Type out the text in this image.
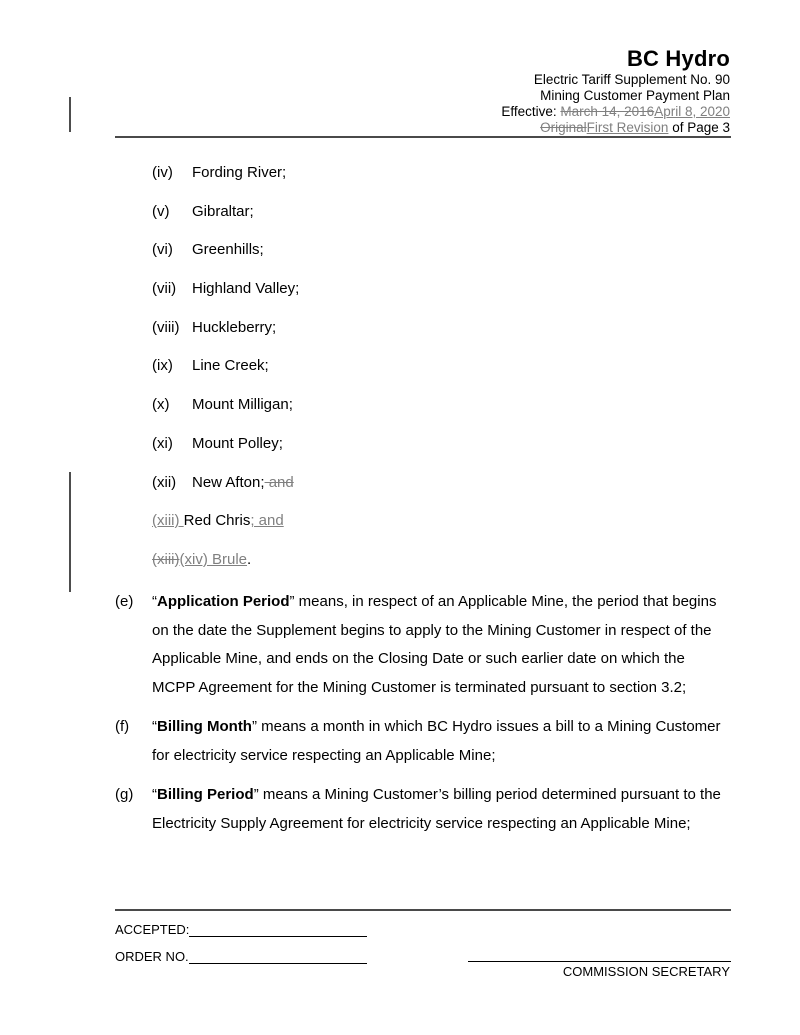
BC Hydro
Electric Tariff Supplement No. 90
Mining Customer Payment Plan
Effective: March 14, 2016April 8, 2020
OriginalFirst Revision of Page 3
(iv) Fording River;
(v) Gibraltar;
(vi) Greenhills;
(vii) Highland Valley;
(viii) Huckleberry;
(ix) Line Creek;
(x) Mount Milligan;
(xi) Mount Polley;
(xii) New Afton; and
(xiii) Red Chris; and
(xiii)(xiv) Brule.
(e) “Application Period” means, in respect of an Applicable Mine, the period that begins on the date the Supplement begins to apply to the Mining Customer in respect of the Applicable Mine, and ends on the Closing Date or such earlier date on which the MCPP Agreement for the Mining Customer is terminated pursuant to section 3.2;
(f) “Billing Month” means a month in which BC Hydro issues a bill to a Mining Customer for electricity service respecting an Applicable Mine;
(g) “Billing Period” means a Mining Customer’s billing period determined pursuant to the Electricity Supply Agreement for electricity service respecting an Applicable Mine;
ACCEPTED:
ORDER NO.
COMMISSION SECRETARY
